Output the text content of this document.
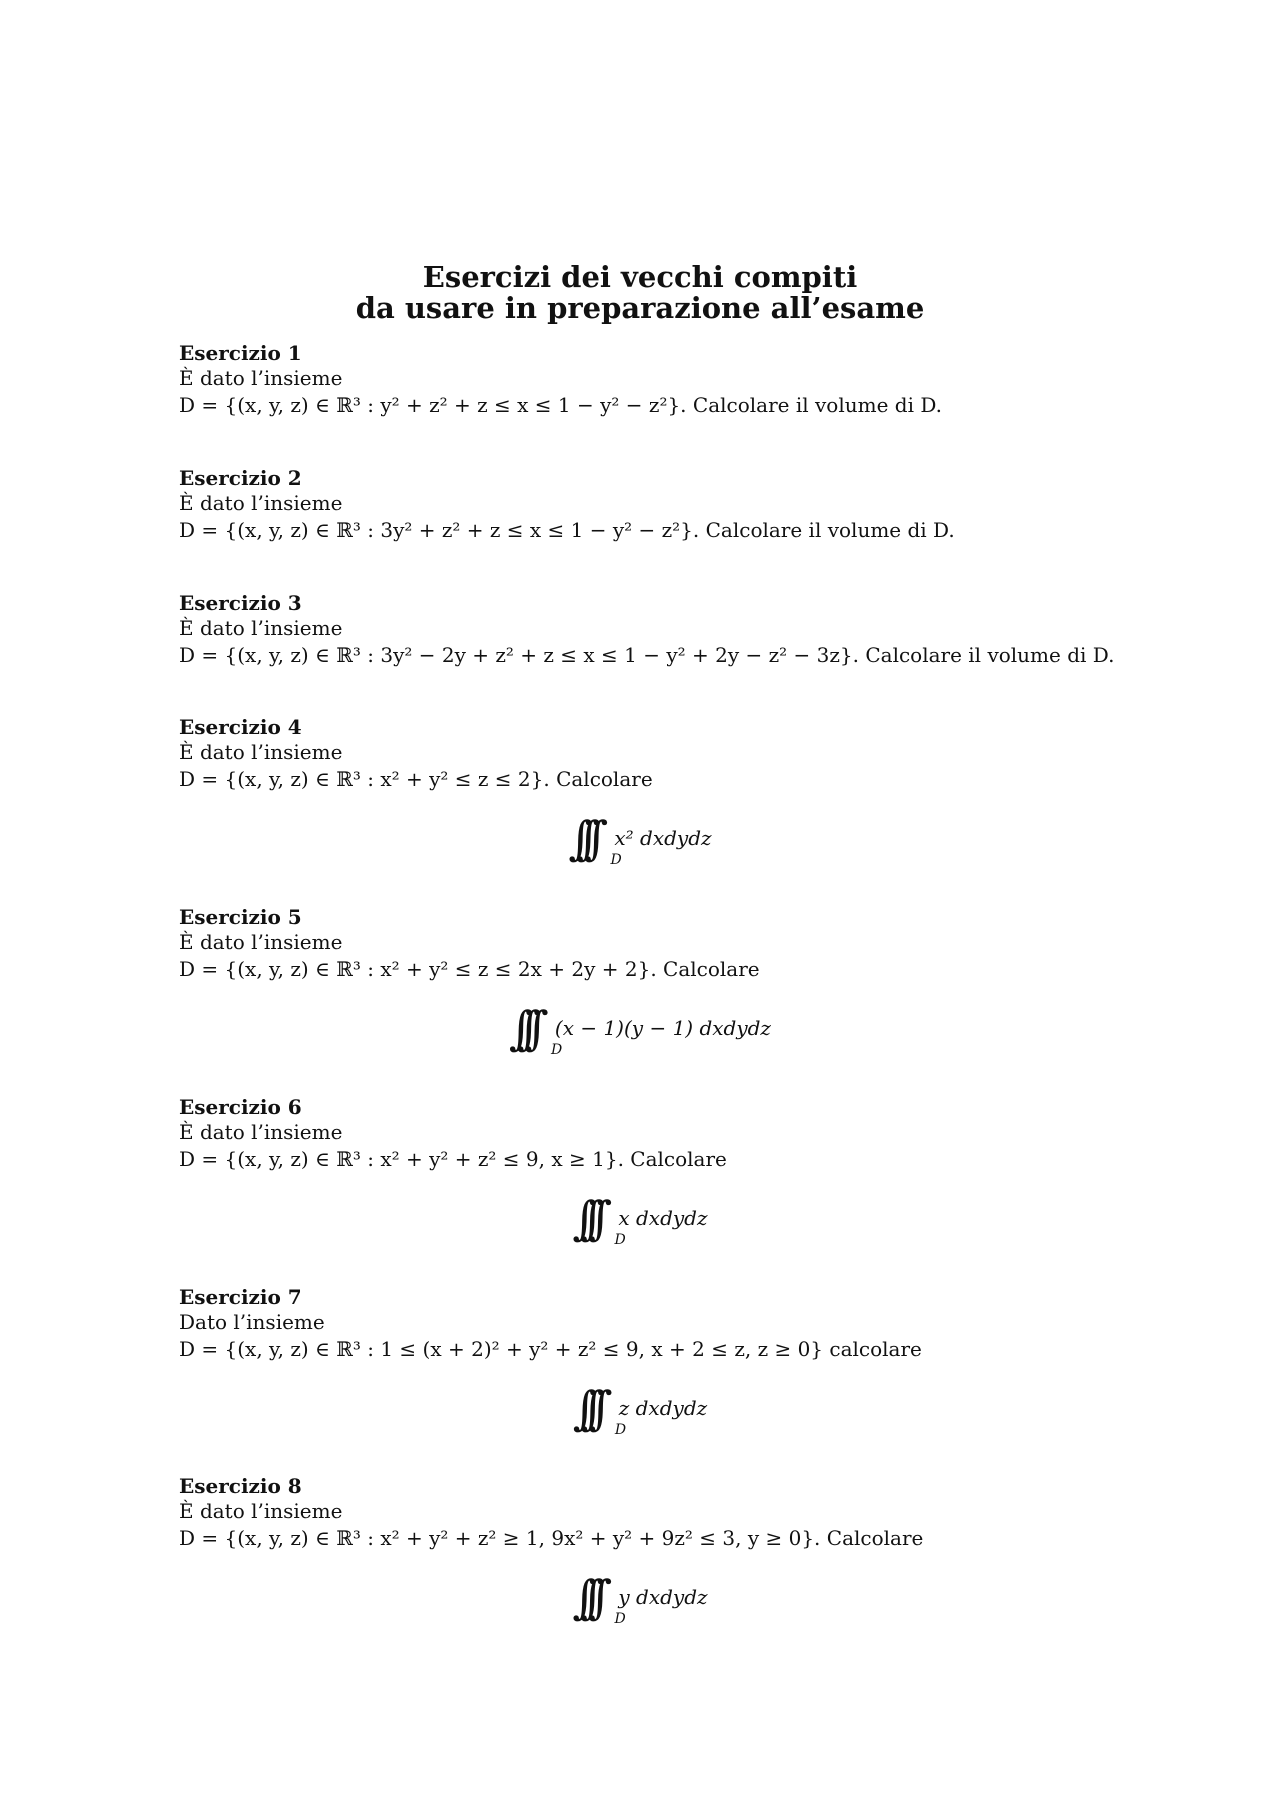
Esercizi dei vecchi compiti
da usare in preparazione all’esame
Esercizio 1
È dato l’insieme
D = {(x, y, z) ∈ ℝ³ : y² + z² + z ≤ x ≤ 1 − y² − z²}. Calcolare il volume di D.
Esercizio 2
È dato l’insieme
D = {(x, y, z) ∈ ℝ³ : 3y² + z² + z ≤ x ≤ 1 − y² − z²}. Calcolare il volume di D.
Esercizio 3
È dato l’insieme
D = {(x, y, z) ∈ ℝ³ : 3y² − 2y + z² + z ≤ x ≤ 1 − y² + 2y − z² − 3z}. Calcolare il volume di D.
Esercizio 4
È dato l’insieme
D = {(x, y, z) ∈ ℝ³ : x² + y² ≤ z ≤ 2}. Calcolare
∫∫∫ D
x² dxdydz
Esercizio 5
È dato l’insieme
D = {(x, y, z) ∈ ℝ³ : x² + y² ≤ z ≤ 2x + 2y + 2}. Calcolare
∫∫∫ D
(x − 1)(y − 1) dxdydz
Esercizio 6
È dato l’insieme
D = {(x, y, z) ∈ ℝ³ : x² + y² + z² ≤ 9, x ≥ 1}. Calcolare
∫∫∫ D
x dxdydz
Esercizio 7
Dato l’insieme
D = {(x, y, z) ∈ ℝ³ : 1 ≤ (x + 2)² + y² + z² ≤ 9, x + 2 ≤ z, z ≥ 0} calcolare
∫∫∫ D
z dxdydz
Esercizio 8
È dato l’insieme
D = {(x, y, z) ∈ ℝ³ : x² + y² + z² ≥ 1, 9x² + y² + 9z² ≤ 3, y ≥ 0}. Calcolare
∫∫∫ D
y dxdydz
